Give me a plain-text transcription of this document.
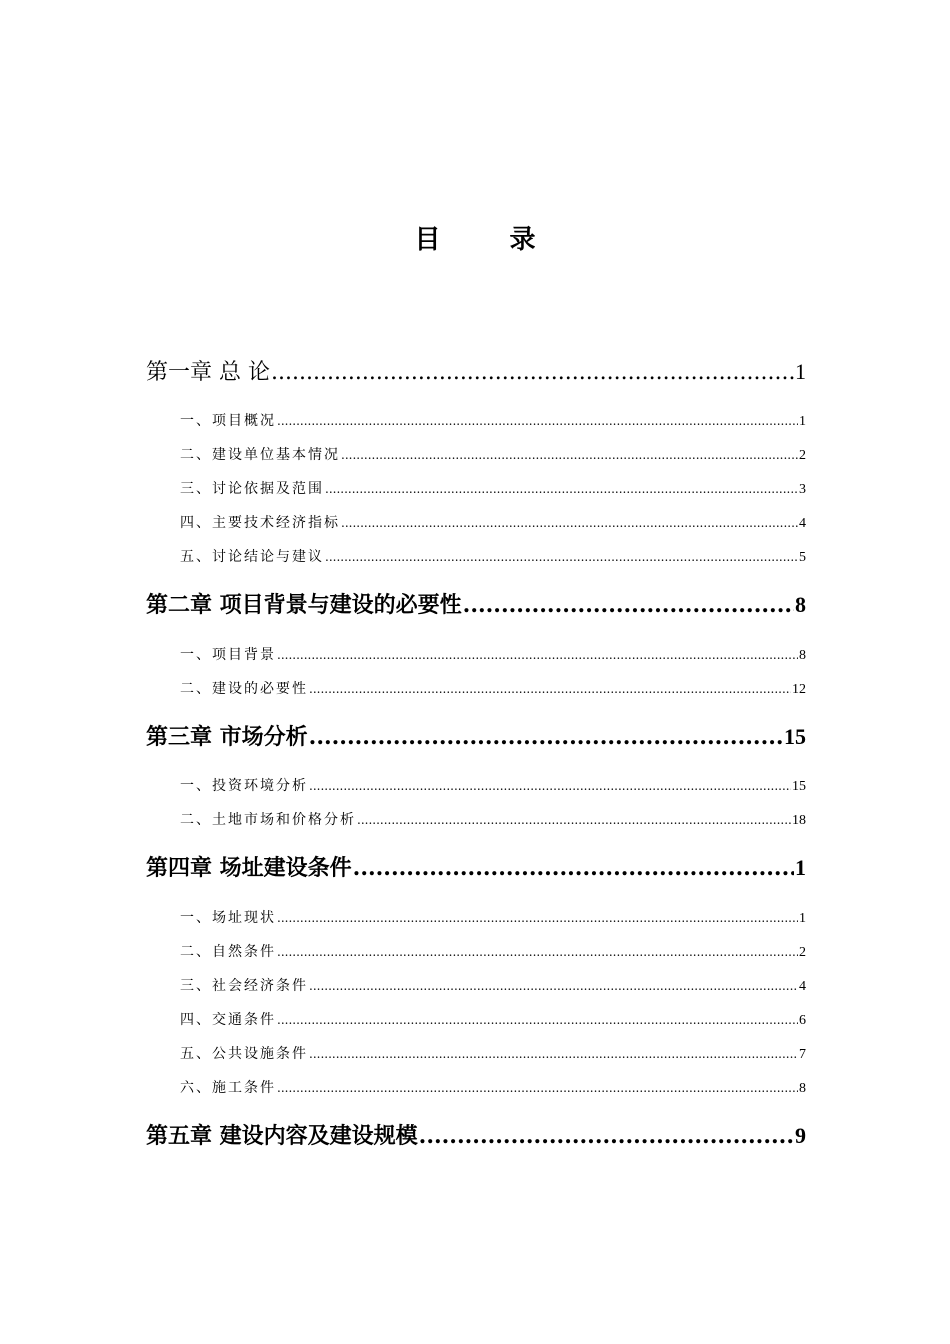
目 录
第一章 总 论 .....	1
一、项目概况 .....	1
二、建设单位基本情况 .....	2
三、讨论依据及范围 .....	3
四、主要技术经济指标 .....	4
五、讨论结论与建议 .....	5
第二章 项目背景与建设的必要性 .....	8
一、项目背景 .....	8
二、建设的必要性 .....	12
第三章 市场分析 .....	15
一、投资环境分析 .....	15
二、土地市场和价格分析 .....	18
第四章 场址建设条件 .....	1
一、场址现状 .....	1
二、自然条件 .....	2
三、社会经济条件 .....	4
四、交通条件 .....	6
五、公共设施条件 .....	7
六、施工条件 .....	8
第五章 建设内容及建设规模 .....	9
